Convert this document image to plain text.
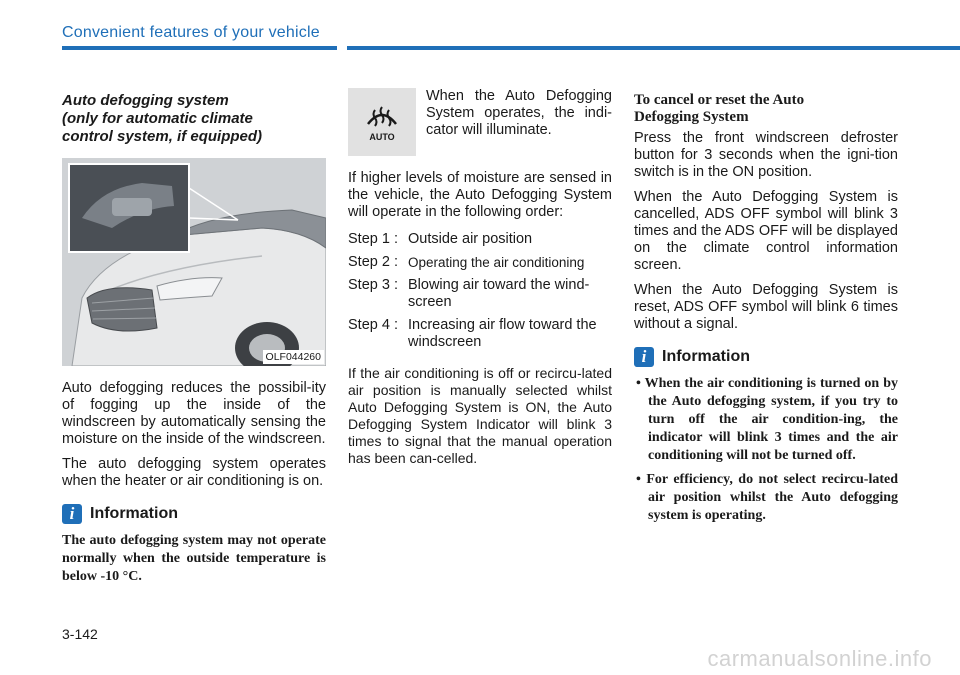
Convenient features of your vehicle
Auto defogging system
(only for automatic climate
control system, if equipped)
OLF044260

Auto defogging reduces the possibil-ity of fogging up the inside of the windscreen by automatically sensing the moisture on the inside of the windscreen.

The auto defogging system operates when the heater or air conditioning is on.

i Information

The auto defogging system may not operate normally when the outside temperature is below -10 °C.

AUTO

When the Auto Defogging System operates, the indi-cator will illuminate.

If higher levels of moisture are sensed in the vehicle, the Auto Defogging System will operate in the following order:

Step 1 : Outside air position
Step 2 : Operating the air conditioning
Step 3 : Blowing air toward the wind-screen
Step 4 : Increasing air flow toward the windscreen

If the air conditioning is off or recircu-lated air position is manually selected whilst Auto Defogging System is ON, the Auto Defogging System Indicator will blink 3 times to signal that the manual operation has been can-celled.

To cancel or reset the Auto
Defogging System

Press the front windscreen defroster button for 3 seconds when the igni-tion switch is in the ON position.

When the Auto Defogging System is cancelled, ADS OFF symbol will blink 3 times and the ADS OFF will be displayed on the climate control information screen.

When the Auto Defogging System is reset, ADS OFF symbol will blink 6 times without a signal.

i Information
• When the air conditioning is turned on by the Auto defogging system, if you try to turn off the air condition-ing, the indicator will blink 3 times and the air conditioning will not be turned off.
• For efficiency, do not select recircu-lated air position whilst the Auto defogging system is operating.
3-142
carmanualsonline.info
